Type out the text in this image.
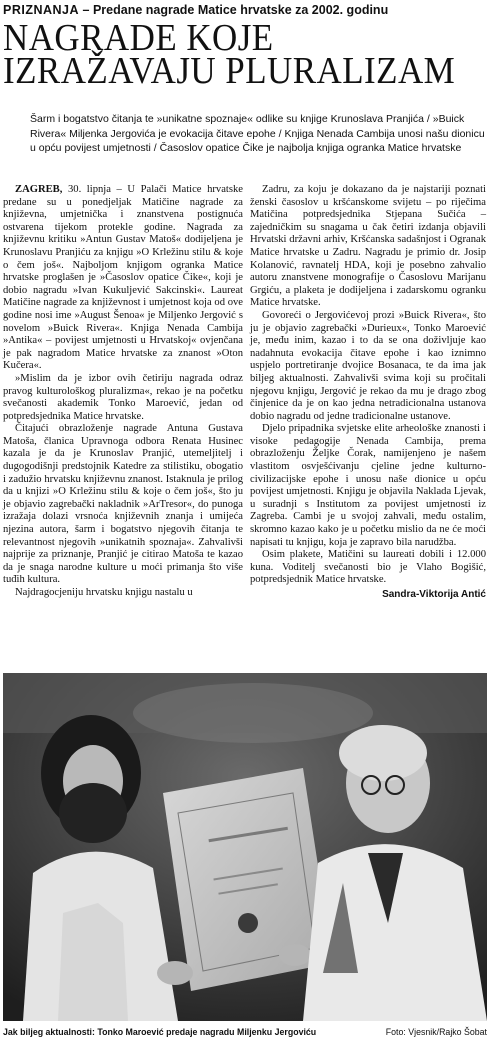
PRIZNANJA – Predane nagrade Matice hrvatske za 2002. godinu
NAGRADE KOJE
IZRAŽAVAJU PLURALIZAM

Šarm i bogatstvo čitanja te »unikatne spoznaje« odlike su knjige Krunoslava Pranjića / »Buick Rivera« Miljenka Jergovića je evokacija čitave epohe / Knjiga Nenada Cambija unosi našu dionicu u opću povijest umjetnosti / Časoslov opatice Čike je najbolja knjiga ogranka Matice hrvatske

ZAGREB, 30. lipnja – U Palači Matice hrvatske predane su u ponedjeljak Matičine nagrade za književna, umjetnička i znanstvena postignuća ostvarena tijekom protekle godine. Nagrada za književnu kritiku »Antun Gustav Matoš« dodijeljena je Krunoslavu Pranjiću za knjigu »O Krležinu stilu & koje o čem još«. Najboljom knjigom ogranka Matice hrvatske proglašen je »Časoslov opatice Čike«, koji je dobio nagradu »Ivan Kukuljević Sakcinski«. Laureat Matičine nagrade za književnost i umjetnost koja od ove godine nosi ime »August Šenoa« je Miljenko Jergović s novelom »Buick Rivera«. Knjiga Nenada Cambija »Antika« – povijest umjetnosti u Hrvatskoj« ovjenčana je pak nagradom Matice hrvatske za znanost »Oton Kučera«.

»Mislim da je izbor ovih četiriju nagrada odraz pravog kulturološkog pluralizma«, rekao je na početku svečanosti akademik Tonko Maroević, jedan od potpredsjednika Matice hrvatske.

Čitajući obrazloženje nagrade Antuna Gustava Matoša, članica Upravnoga odbora Renata Husinec kazala je da je Krunoslav Pranjić, utemeljitelj i dugogodišnji predstojnik Katedre za stilistiku, obogatio i zadužio hrvatsku književnu znanost. Istaknula je prilog da u knjizi »O Krležinu stilu & koje o čem još«, što ju je objavio zagrebački nakladnik »ArTresor«, do punoga izražaja dolazi vrsnoća književnih znanja i umijeća njezina autora, šarm i bogatstvo njegovih čitanja te relevantnost njegovih »unikatnih spoznaja«. Zahvalivši najprije za priznanje, Pranjić je citirao Matoša te kazao da je snaga narodne kulture u moći primanja što više tuđih kultura.

Najdragocjeniju hrvatsku knjigu nastalu u

Zadru, za koju je dokazano da je najstariji poznati ženski časoslov u kršćanskome svijetu – po riječima Matičina potpredsjednika Stjepana Sučića – zajedničkim su snagama u čak četiri izdanja objavili Hrvatski državni arhiv, Kršćanska sadašnjost i Ogranak Matice hrvatske u Zadru. Nagradu je primio dr. Josip Kolanović, ravnatelj HDA, koji je posebno zahvalio autoru znanstvene monografije o Časoslovu Marijanu Grgiću, a plaketa je dodijeljena i zadarskomu ogranku Matice hrvatske.

Govoreći o Jergovićevoj prozi »Buick Rivera«, što ju je objavio zagrebački »Durieux«, Tonko Maroević je, među inim, kazao i to da se ona doživljuje kao nadahnuta evokacija čitave epohe i kao iznimno uspjelo portretiranje dvojice Bosanaca, te da ima jak biljeg aktualnosti. Zahvalivši svima koji su pročitali njegovu knjigu, Jergović je rekao da mu je drago zbog činjenice da je on kao jedna netradicionalna ustanova dobio nagradu od jedne tradicionalne ustanove.

Djelo pripadnika svjetske elite arheološke znanosti i visoke pedagogije Nenada Cambija, prema obrazloženju Željke Čorak, namijenjeno je našem vlastitom osvješćivanju cjeline jedne kulturno-civilizacijske epohe i unosu naše dionice u opću povijest umjetnosti. Knjigu je objavila Naklada Ljevak, u suradnji s Institutom za povijest umjetnosti iz Zagreba. Cambi je u svojoj zahvali, među ostalim, skromno kazao kako je u početku mislio da ne će moći napisati tu knjigu, koja je zapravo bila narudžba.

Osim plakete, Matičini su laureati dobili i 12.000 kuna. Voditelj svečanosti bio je Vlaho Bogišić, potpredsjednik Matice hrvatske.

Sandra-Viktorija Antić
Jak biljeg aktualnosti: Tonko Maroević predaje nagradu Miljenku Jergoviću	Foto: Vjesnik/Rajko Šobat
